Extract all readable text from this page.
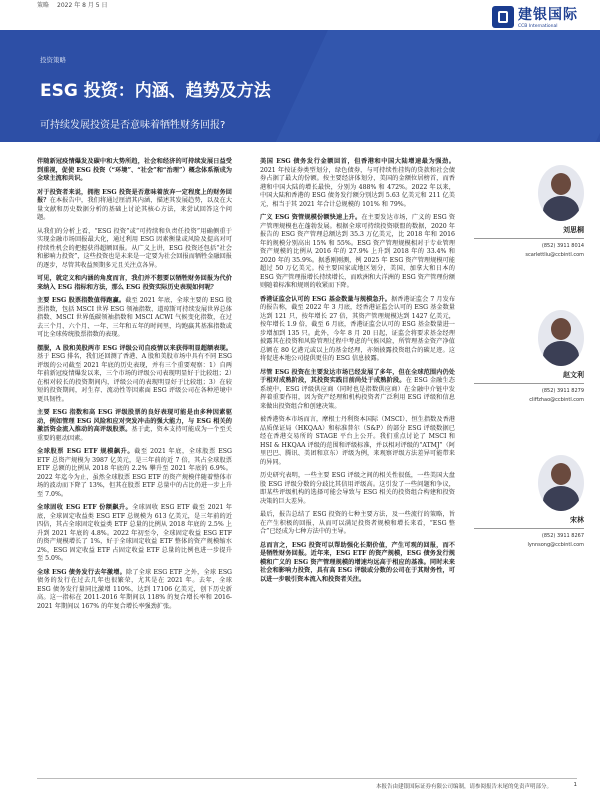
策略 2022 年 8 月 5 日
建银国际
CCB International
投资策略
ESG 投资：内涵、趋势及方法
可持续发展投资是否意味着牺牲财务回报?

伴随新冠疫情爆发及碳中和大势所趋，社会和经济的可持续发展日益受到重视，促使 ESG 投资（“环境”、“社会”和“治理”）概念体系渐成为全球主流和共识。

对于投资者来说，拥抱 ESG 投资是否意味着放弃一定程度上的财务回报？在本报告中，我们将通过厘清其内涵，描述其发展趋势，以及在大量文献和历史数据分析的基础上讨论其核心方法，来尝试回答这个问题。

从我们的分析上看，“ESG 投资”或“可持续和负责任投资”用确侧重于实现金融市场回报最大化，通过利用 ESG 因素衡量或风险及提高对可持续性机会的把握获得超额回报。从广义上讲，ESG 投资还包括“社会和影响力投资”，这些投资也是未来是一定要为社会回报而牺牲金融回报的逐步，尽管其收益预期多元且关注点各异。

可见，就定义和内涵的角度而言，我们并不想要以牺牲财务回报为代价来纳入 ESG 指标和方法，那么 ESG 投资实际历史表现如何呢？

主要 ESG 股票指数值得跑赢。截至 2021 年底，全球主要的 ESG 股票指数，包括 MSCI 世界 ESG 领袖指数、道琼斯可持续发展世界总体指数、MSCI 世界低碳领袖指数和 MSCI ACWI 气候变化指数，在过去三个月、六个月、一年、三年和五年的时间里，均跑赢其基准指数或可比全球传统股票指数的表现。

摆脱，A 股和美股两市 ESG 评级公司自疫情以来获得明显超额表现。基于 ESG 排名，我们还回测了香港、A 股和美股市场中具有不同 ESG 评级的公司截至 2021 年底的历史表现，并有三个重要观察：1）自两年前新冠疫情爆发以来，三个市场的评级公司表现明显好于比较组；2）在相对较长的投资期间内，评级公司的表现明显好于比较组；3）在较短的投资期间，对生存、流动性等因素面 ESG 评级公司在各种逆境中更具韧性。

主要 ESG 指数和高 ESG 评级股票的良好表现可能是由多种因素驱动，例如管理 ESG 风险和应对突发冲击的强大能力，与 ESG 相关的激活资金流入推动的高评级股票。基于此，资本支持可能成为一个至关重要的驱动因素。

全球股票 ESG ETF 规模飙升。截至 2021 年底，全球股票 ESG ETF 总资产规模为 3987 亿美元，是三年前的近 7 倍，其占全球股票 ETF 总额的比例从 2018 年底的 2.2% 攀升至 2021 年底的 6.9%。2022 年迄今为止，虽然全球股票 ESG ETF 的资产规模伴随着整体市场的波动而下降了 13%，但其在股票 ETF 总量中的占比仍进一步上升至 7.0%。

全球固收 ESG ETF 份额飙升。全球固收 ESG ETF 截至 2021 年底，全球固定收益类 ESG ETF 总规模为 613 亿美元，是三年前的近四倍，其占全球固定收益类 ETF 总量的比例从 2018 年底的 2.5% 上升到 2021 年底的 4.8%。2022 年初至今，全球固定收益 ESG ETF 的资产规模增长了 1%，好于全球固定收益 ETF 整体的资产规模缩水 2%，ESG 固定收益 ETF 占固定收益 ETF 总量的比例也进一步提升至 5.0%。

全球 ESG 债务发行去年激增。除了全球 ESG ETF 之外，全球 ESG 债务的发行在过去几年也很繁荣，尤其是在 2021 年。去年，全球 ESG 债务发行量同比激增 110%，达到 17106 亿美元，创下历史新高。这一指标在 2011-2016 年期间以 118% 的复合增长率和 2016-2021 年期间以 167% 的年复合增长率强劲扩张。

美国 ESG 债务发行金额回首，但香港和中国大陆增速最为强劲。2021 年按证券类型划分，绿色债券，与可持续性挂钩的贷款和社会债券占据了最大的份额。按主要经济体划分，美国的金额位居榜首，而香港和中国大陆的增长最快，分别为 488% 和 472%。2022 年以来，中国大陆和香港的 ESG 债务发行额分别达到 5.63 亿美元和 211 亿美元，相当于其 2021 年合计总规模的 101% 和 79%。

广义 ESG 资管规模份额快速上升。在主要发达市场，广义的 ESG 资产管理规模也在蓬勃发展。根据全球可持续投资联盟的数据，2020 年报告的 ESG 资产管理总额达到 35.3 万亿美元，比 2018 年和 2016 年的规模分别高出 15% 和 55%。ESG 资产管理规模相对于专业管理资产规模的比例从 2016 年的 27.9% 上升到 2018 年的 33.4% 和 2020 年的 35.9%。据悉刚刚测，例 2025 年 ESG 资产管理规模可能超过 50 万亿美元。按主要国家或地区划分，美国、加拿大和日本的 ESG 资产管理报增长持续增长，而欧洲和大洋洲的 ESG 资产管理份额则随着标准和规则的收紧而下降。

香港证监会认可的 ESG 基金数量与规模急升。据香港证监会 7 月发布的报告称，截至 2022 年 3 月底，经香港证监会认可的 ESG 基金数量达到 121 只，按年增长 27 倍，其资产管理规模达到 1427 亿美元，按年增长 1.9 倍，截至 6 月底，香港证监会认可的 ESG 基金数量进一步增加到 135 只。此外，今年 8 月 20 日起，证监会将要求基金经理披露其在投资和风险管理过程中考虑的气候风险，所管理基金资产净值总额在 80 亿港元或以上的基金经理，亦须披露投资组合的碳足迹。这将促进本地公司提供更佳的 ESG 信息披露。

尽管 ESG 投资在主要发达市场已经发展了多年，但在全球范围内仍处于相对成熟阶段，其投资实践目前尚处于成熟阶段。在 ESG 金融生态系统中，ESG 评级供应商（同时也是指数供应商）在金融中介链中发挥着重要作用，因为资产经理和机构投资者广泛利用 ESG 评级和信息来做出投资组合和创建决策。

被香港资本市场而言，摩根士丹利资本国际（MSCI）、恒生指数及香港品质保证局（HKQAA）和标准普尔（S&P）的部分 ESG 评级数据已经在香港交易所的 STAGE 平台上公开。我们重点讨论了 MSCI 和 HSI & HKQAA 评级的范围和评级标准，并以相对评级的“ATMJ”（阿里巴巴、腾讯、美团和京东）评级为例，来观察评级方法差异可能带来的异同。

历史研究表明，一些主要 ESG 评级之间的相关性很低，一些美国大盘股 ESG 评级分数的分歧比其信用评级高。这引发了一些问题和争议，即某些评级机构的选择可能会导致与 ESG 相关的投资组合构建和投资决策的巨大差异。

最后，报告总结了 ESG 投资的七种主要方法，及一些流行的策略，旨在产生积极的回报，从而可以满足投资者规模和增长来看，“ESG 整合”已经成为七种方法中的主导。

总而言之，ESG 投资可以帮助强化长期价值，产生可观的回报，而不是牺牲财务回报。近年来，ESG ETF 的资产规模，ESG 债务发行规模和广义的 ESG 资产管理规模的增速均远高于相应的基准。同时未来社会和影响力投资，具有高 ESG 评级或分数的公司在于其财务性，可以进一步吸引资本流入和投资者关注。

刘思桐
(852) 3911 8014
scarlettliu@ccbintl.com
赵文利
(852) 3911 8279
cliffzhao@ccbintl.com
宋林
(852) 3911 8267
lynnsong@ccbintl.com
本报告由建银国际证券有限公司编制，请参阅报告末尾的免责声明部分。	1
